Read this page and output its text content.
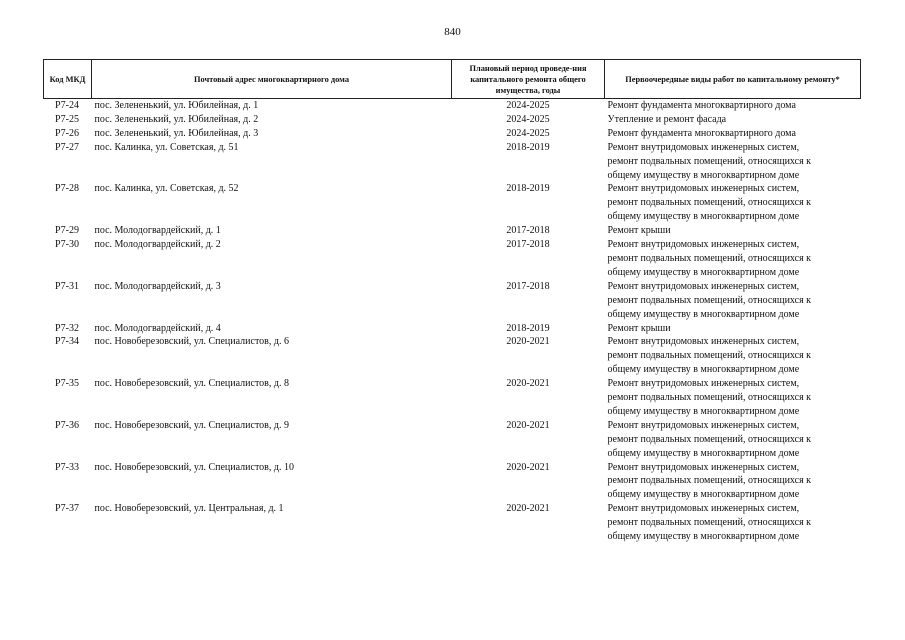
840
Код МКД	Почтовый адрес многоквартирного дома	Плановый период проведе-ния капитального ремонта общего имущества, годы	Первоочередные виды работ по капитальному ремонту*
Р7-24	пос. Зелененький, ул. Юбилейная, д. 1	2024-2025	Ремонт фундамента многоквартирного дома

Р7-25	пос. Зелененький, ул. Юбилейная, д. 2	2024-2025	Утепление и ремонт фасада

Р7-26	пос. Зелененький, ул. Юбилейная, д. 3	2024-2025	Ремонт фундамента многоквартирного дома

Р7-27	пос. Калинка, ул. Советская, д. 51	2018-2019	Ремонт внутридомовых инженерных систем,
ремонт подвальных помещений, относящихся к
общему имуществу в многоквартирном доме

Р7-28	пос. Калинка, ул. Советская, д. 52	2018-2019	Ремонт внутридомовых инженерных систем,
ремонт подвальных помещений, относящихся к
общему имуществу в многоквартирном доме

Р7-29	пос. Молодогвардейский, д. 1	2017-2018	Ремонт крыши

Р7-30	пос. Молодогвардейский, д. 2	2017-2018	Ремонт внутридомовых инженерных систем,
ремонт подвальных помещений, относящихся к
общему имуществу в многоквартирном доме

Р7-31	пос. Молодогвардейский, д. 3	2017-2018	Ремонт внутридомовых инженерных систем,
ремонт подвальных помещений, относящихся к
общему имуществу в многоквартирном доме

Р7-32	пос. Молодогвардейский, д. 4	2018-2019	Ремонт крыши

Р7-34	пос. Новоберезовский, ул. Специалистов, д. 6	2020-2021	Ремонт внутридомовых инженерных систем,
ремонт подвальных помещений, относящихся к
общему имуществу в многоквартирном доме

Р7-35	пос. Новоберезовский, ул. Специалистов, д. 8	2020-2021	Ремонт внутридомовых инженерных систем,
ремонт подвальных помещений, относящихся к
общему имуществу в многоквартирном доме

Р7-36	пос. Новоберезовский, ул. Специалистов, д. 9	2020-2021	Ремонт внутридомовых инженерных систем,
ремонт подвальных помещений, относящихся к
общему имуществу в многоквартирном доме

Р7-33	пос. Новоберезовский, ул. Специалистов, д. 10	2020-2021	Ремонт внутридомовых инженерных систем,
ремонт подвальных помещений, относящихся к
общему имуществу в многоквартирном доме

Р7-37	пос. Новоберезовский, ул. Центральная, д. 1	2020-2021	Ремонт внутридомовых инженерных систем,
ремонт подвальных помещений, относящихся к
общему имуществу в многоквартирном доме
